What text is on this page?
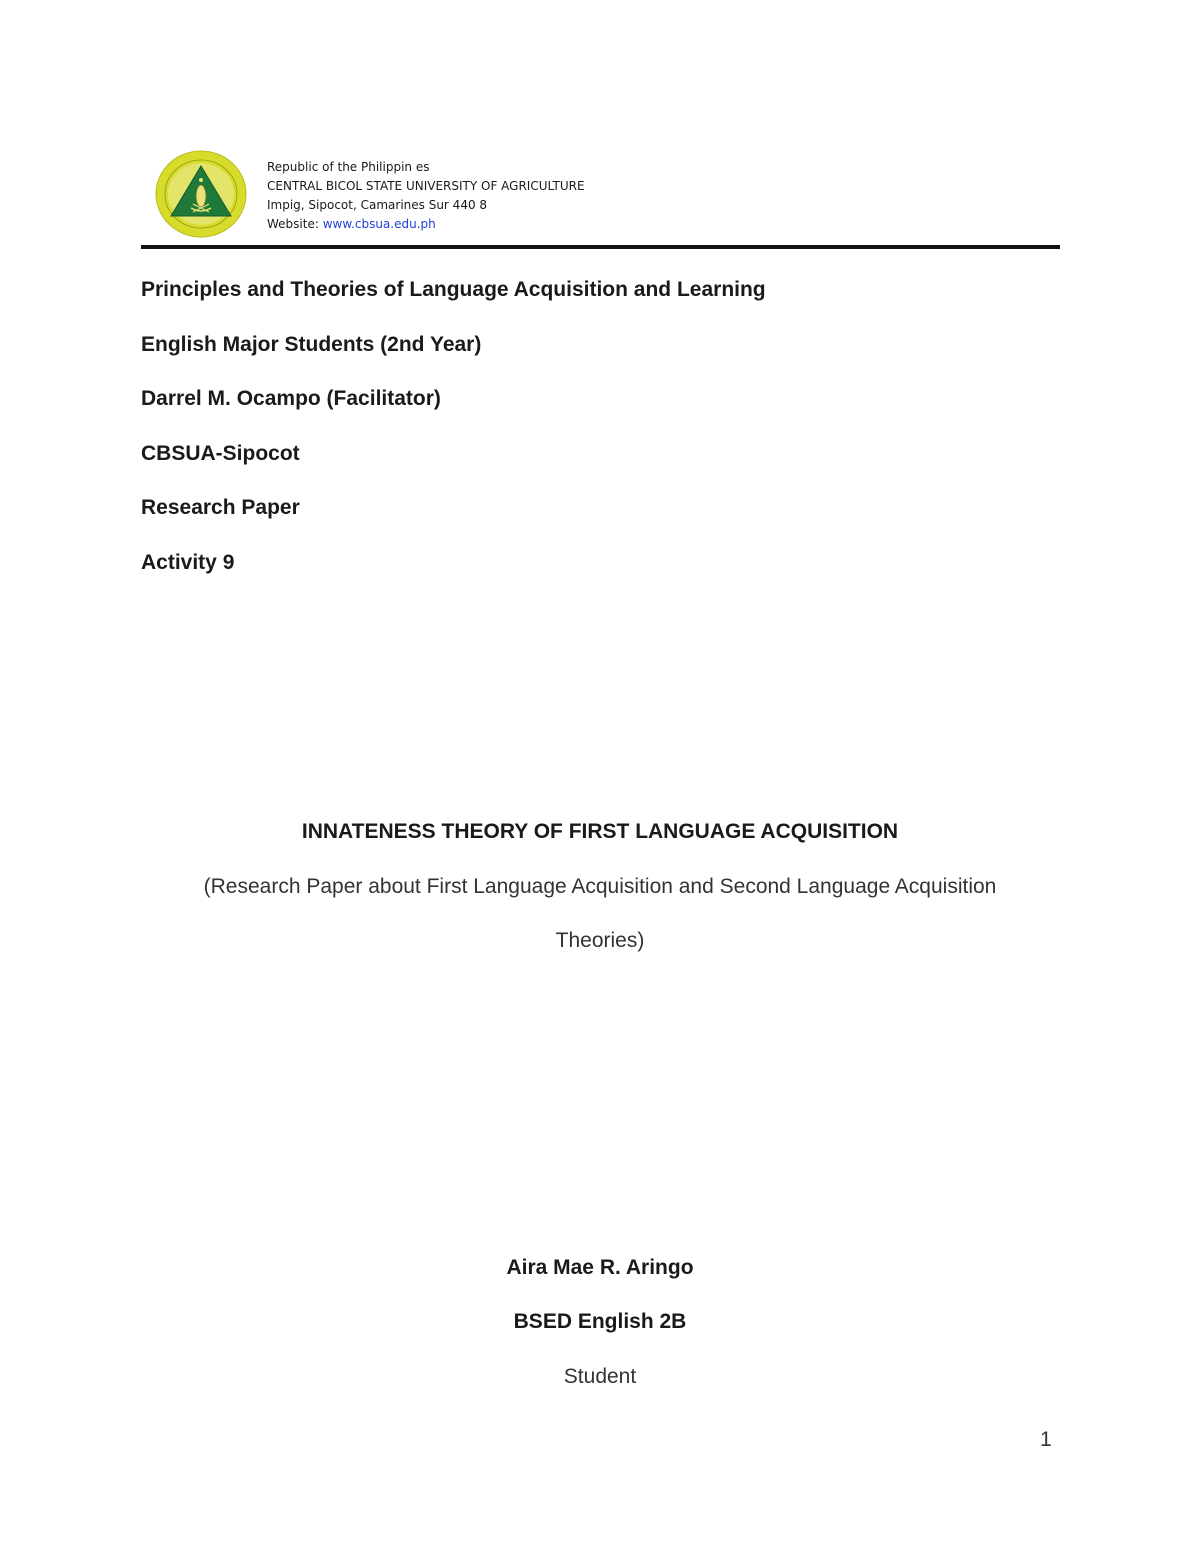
Republic of the Philippin es
CENTRAL BICOL STATE UNIVERSITY OF AGRICULTURE
Impig, Sipocot, Camarines Sur 440 8
Website: www.cbsua.edu.ph
Principles and Theories of Language Acquisition and Learning
English Major Students (2nd Year)
Darrel M. Ocampo (Facilitator)
CBSUA-Sipocot
Research Paper
Activity 9
INNATENESS THEORY OF FIRST LANGUAGE ACQUISITION
(Research Paper about First Language Acquisition and Second Language Acquisition
Theories)
Aira Mae R. Aringo
BSED English 2B
Student
1
